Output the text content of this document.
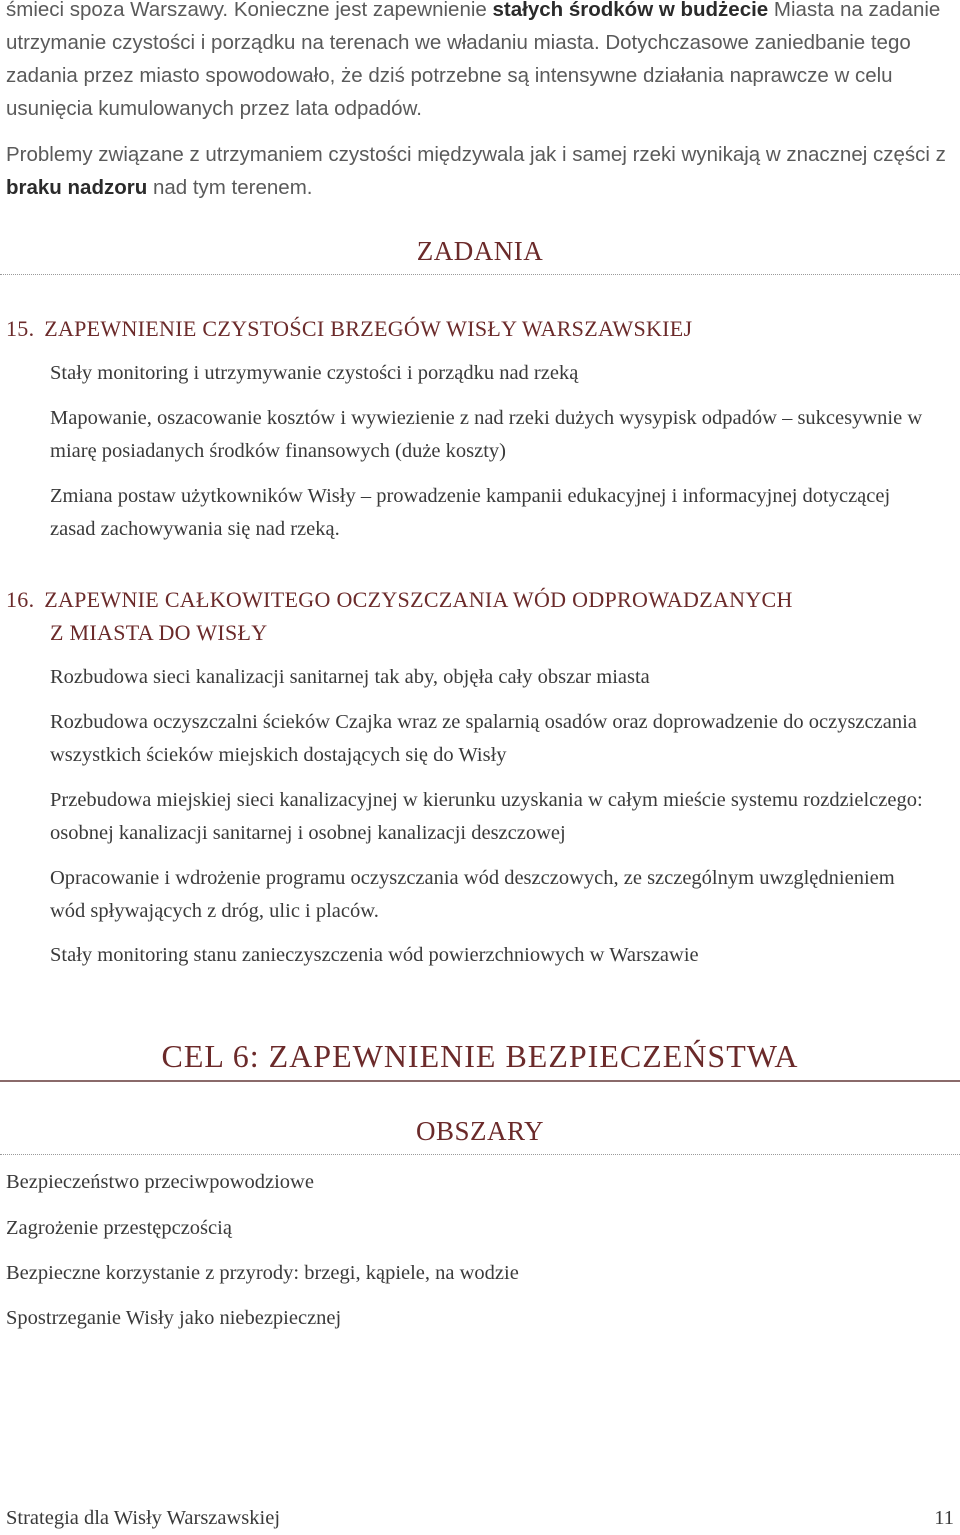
śmieci spoza Warszawy. Konieczne jest zapewnienie stałych środków w budżecie Miasta na zadanie utrzymanie czystości i porządku na terenach we władaniu miasta. Dotychczasowe zaniedbanie tego zadania przez miasto spowodowało, że dziś potrzebne są intensywne działania naprawcze w celu usunięcia kumulowanych przez lata odpadów.

Problemy związane z utrzymaniem czystości międzywala jak i samej rzeki wynikają w znacznej części z braku nadzoru nad tym terenem.

ZADANIA
15. ZAPEWNIENIE CZYSTOŚCI BRZEGÓW WISŁY WARSZAWSKIEJ
Stały monitoring i utrzymywanie czystości i porządku nad rzeką
Mapowanie, oszacowanie kosztów i wywiezienie z nad rzeki dużych wysypisk odpadów – sukcesywnie w miarę posiadanych środków finansowych (duże koszty)
Zmiana postaw użytkowników Wisły – prowadzenie kampanii edukacyjnej i informacyjnej dotyczącej zasad zachowywania się nad rzeką.
16. ZAPEWNIE CAŁKOWITEGO OCZYSZCZANIA WÓD ODPROWADZANYCH
Z MIASTA DO WISŁY
Rozbudowa sieci kanalizacji sanitarnej tak aby, objęła cały obszar miasta
Rozbudowa oczyszczalni ścieków Czajka wraz ze spalarnią osadów oraz doprowadzenie do oczyszczania wszystkich ścieków miejskich dostających się do Wisły
Przebudowa miejskiej sieci kanalizacyjnej w kierunku uzyskania w całym mieście systemu rozdzielczego: osobnej kanalizacji sanitarnej i osobnej kanalizacji deszczowej
Opracowanie i wdrożenie programu oczyszczania wód deszczowych, ze szczególnym uwzględnieniem wód spływających z dróg, ulic i placów.
Stały monitoring stanu zanieczyszczenia wód powierzchniowych w Warszawie
CEL 6: ZAPEWNIENIE BEZPIECZEŃSTWA
OBSZARY
Bezpieczeństwo przeciwpowodziowe
Zagrożenie przestępczością
Bezpieczne korzystanie z przyrody: brzegi, kąpiele, na wodzie
Spostrzeganie Wisły jako niebezpiecznej
Strategia dla Wisły Warszawskiej	11
